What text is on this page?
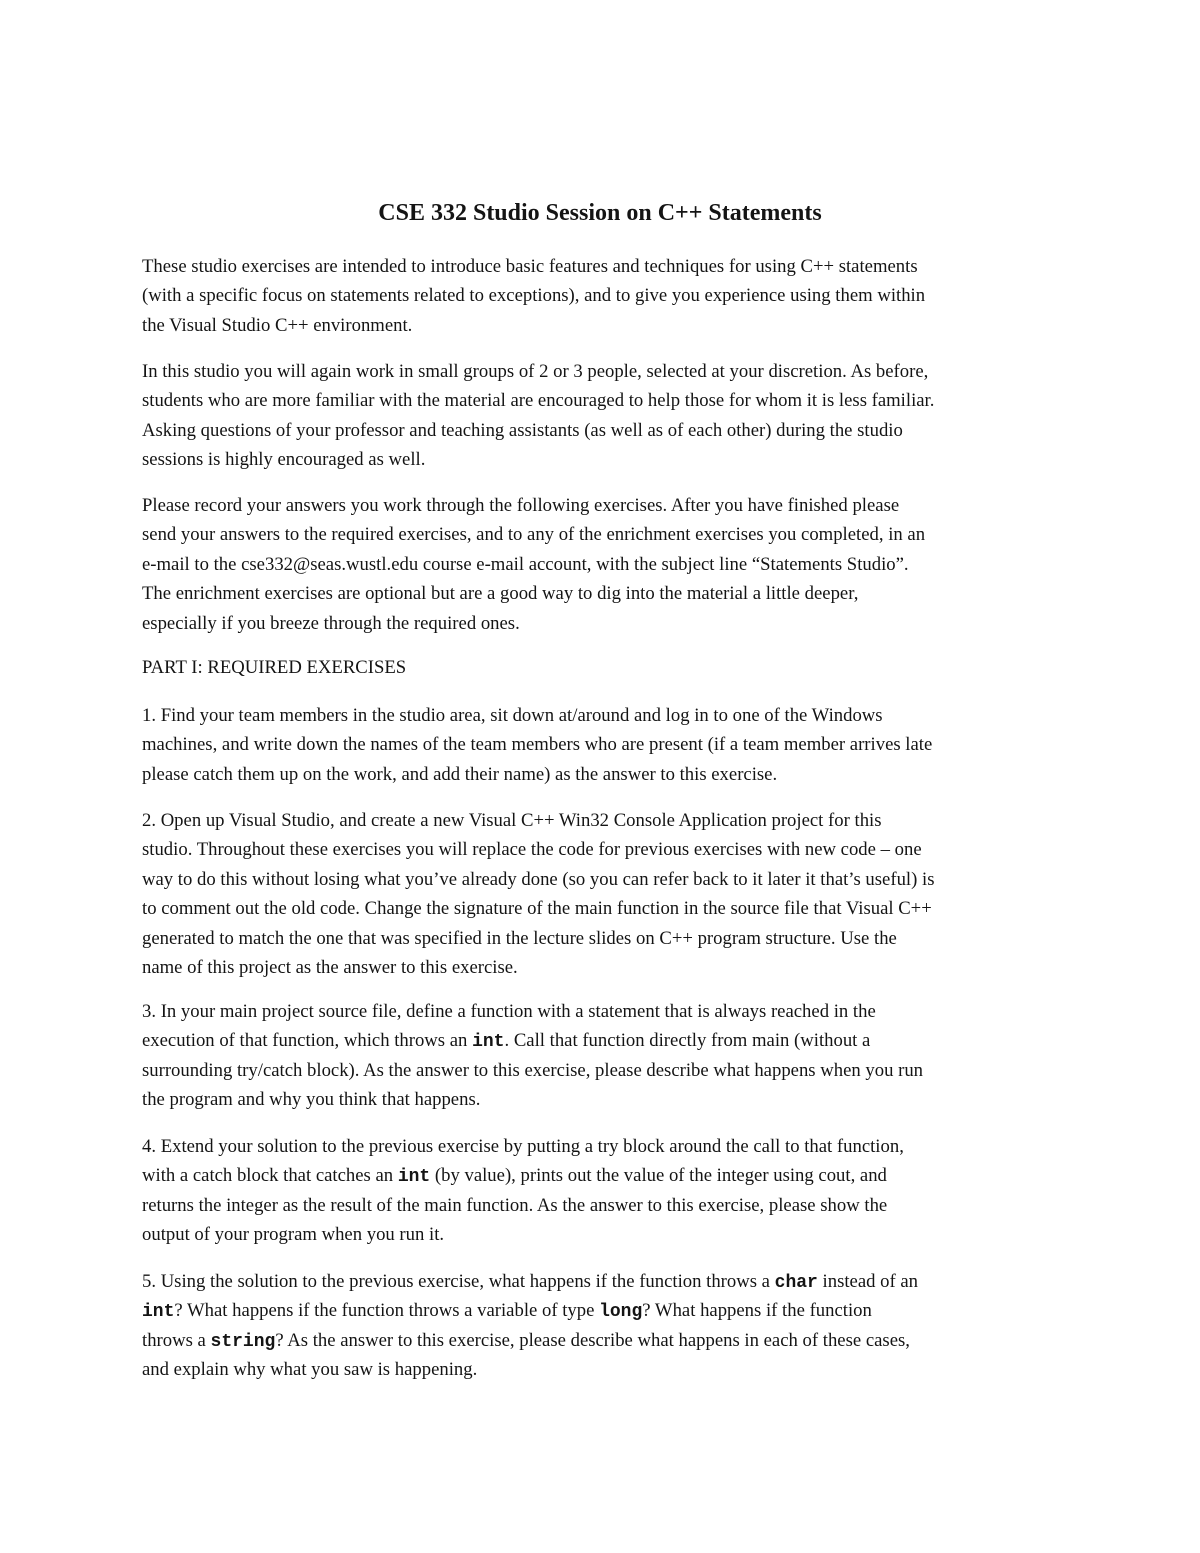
CSE 332 Studio Session on C++ Statements

These studio exercises are intended to introduce basic features and techniques for using C++ statements
(with a specific focus on statements related to exceptions), and to give you experience using them within
the Visual Studio C++ environment.

In this studio you will again work in small groups of 2 or 3 people, selected at your discretion. As before,
students who are more familiar with the material are encouraged to help those for whom it is less familiar.
Asking questions of your professor and teaching assistants (as well as of each other) during the studio
sessions is highly encouraged as well.

Please record your answers you work through the following exercises. After you have finished please
send your answers to the required exercises, and to any of the enrichment exercises you completed, in an
e-mail to the cse332@seas.wustl.edu course e-mail account, with the subject line “Statements Studio”.
The enrichment exercises are optional but are a good way to dig into the material a little deeper,
especially if you breeze through the required ones.

PART I: REQUIRED EXERCISES

1. Find your team members in the studio area, sit down at/around and log in to one of the Windows
machines, and write down the names of the team members who are present (if a team member arrives late
please catch them up on the work, and add their name) as the answer to this exercise.

2. Open up Visual Studio, and create a new Visual C++ Win32 Console Application project for this
studio. Throughout these exercises you will replace the code for previous exercises with new code – one
way to do this without losing what you’ve already done (so you can refer back to it later it that’s useful) is
to comment out the old code. Change the signature of the main function in the source file that Visual C++
generated to match the one that was specified in the lecture slides on C++ program structure. Use the
name of this project as the answer to this exercise.

3. In your main project source file, define a function with a statement that is always reached in the
execution of that function, which throws an int. Call that function directly from main (without a
surrounding try/catch block). As the answer to this exercise, please describe what happens when you run
the program and why you think that happens.

4. Extend your solution to the previous exercise by putting a try block around the call to that function,
with a catch block that catches an int (by value), prints out the value of the integer using cout, and
returns the integer as the result of the main function. As the answer to this exercise, please show the
output of your program when you run it.

5. Using the solution to the previous exercise, what happens if the function throws a char instead of an
int? What happens if the function throws a variable of type long? What happens if the function
throws a string? As the answer to this exercise, please describe what happens in each of these cases,
and explain why what you saw is happening.
